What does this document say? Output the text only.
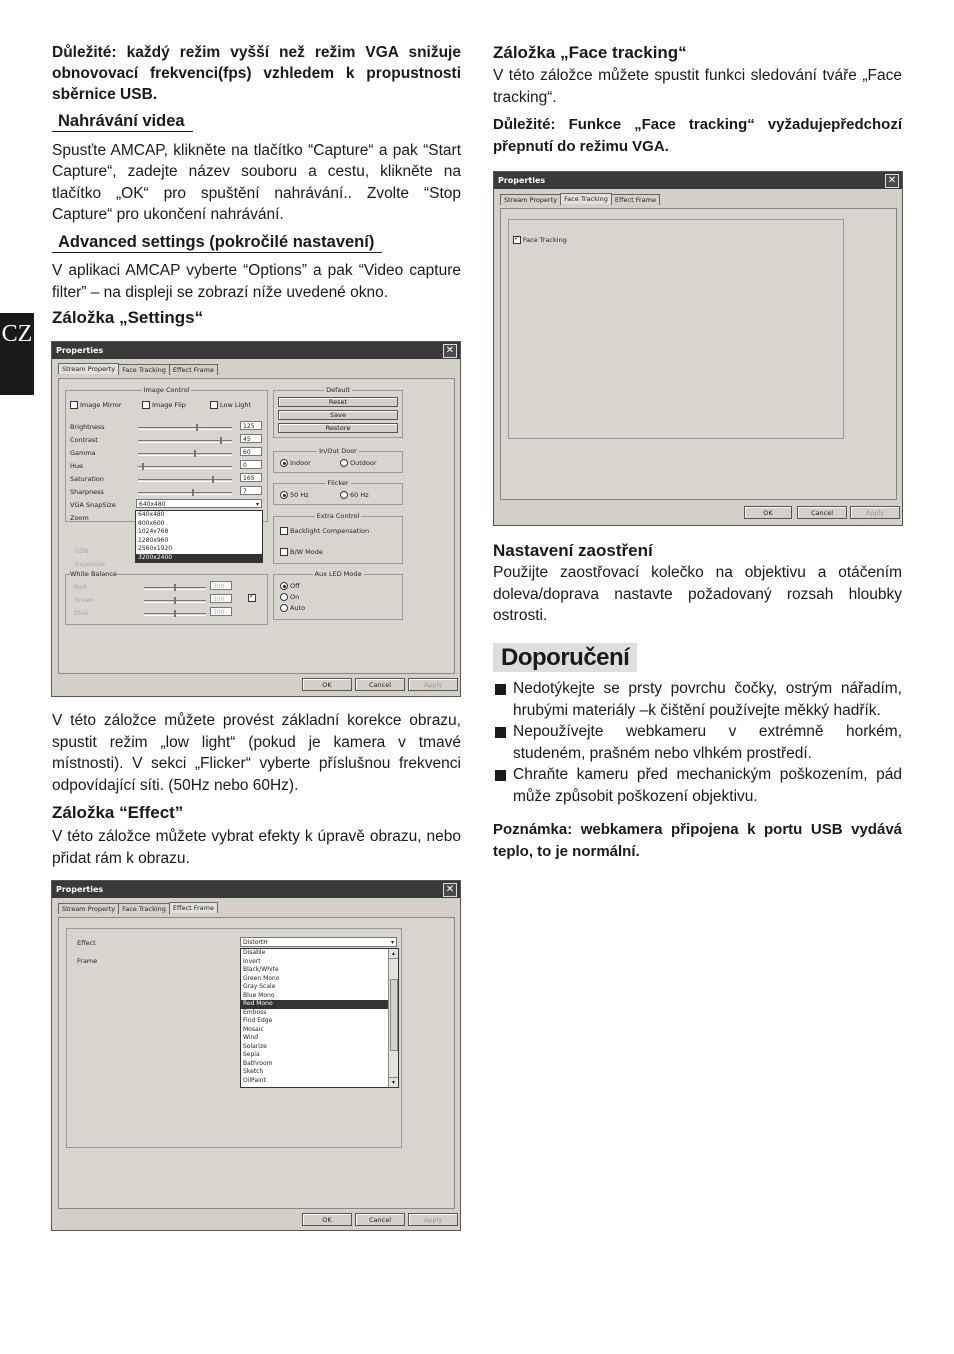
CZ

Důležité: každý režim vyšší než režim VGA snižuje obnovovací frekvenci(fps) vzhledem k propustnosti sběrnice USB.

Nahrávání videa

Spusťte AMCAP, klikněte na tlačítko “Capture“ a pak “Start Capture“, zadejte název souboru a cestu, klikněte na tlačítko „OK“ pro spuštění nahrávání.. Zvolte “Stop Capture“ pro ukončení nahrávání.

Advanced settings (pokročilé nastavení)

V aplikaci AMCAP vyberte “Options” a pak “Video capture filter” – na displeji se zobrazí níže uvedené okno.

Záložka „Settings“
Properties	✕
Stream Property Face Tracking Effect Frame
Image Control
Image Mirror	Image Flip	Low Light
Brightness	125
Contrast	45
Gamma	60
Hue	0
Saturation	165
Sharpness	7
VGA SnapSize	640x480	▾
Zoom	640x480
800x600
1024x768
1280x960
2560x1920
3200x2400
USB
Exposure
White Balance
Red	300
Green	300
Blue	300
✓
Default
Reset
Save
Restore
In/Out Door
Indoor	Outdoor
Flicker
50 Hz	60 Hz
Extra Control
Backlight Compensation
B/W Mode
Aux LED Mode
Off
On
Auto
OK	Cancel	Apply

V této záložce můžete provést základní korekce obrazu, spustit režim „low light“ (pokud je kamera v tmavé místnosti). V sekci „Flicker“ vyberte příslušnou frekvenci odpovídající síti. (50Hz nebo 60Hz).

Záložka “Effect”

V této záložce můžete vybrat efekty k úpravě obrazu, nebo přidat rám k obrazu.

Properties	✕
Stream Property Face Tracking Effect Frame
Effect
Frame
DistortH	▾
Disable
Invert
Black/White
Green Mono
Gray Scale
Blue Mono
Red Mono
Emboss
Find Edge
Mosaic
Wind
Solarize
Sepia
Bathroom
Sketch
OilPaint
▴
▾
OK	Cancel	Apply
Záložka „Face tracking“

V této záložce můžete spustit funkci sledování tváře „Face tracking“.

Důležité: Funkce „Face tracking“ vyžadujepředchozí přepnutí do režimu VGA.

Properties	✕
Stream Property Face Tracking Effect Frame
✓Face Tracking
OK	Cancel	Apply
Nastavení zaostření

Použijte zaostřovací kolečko na objektivu a otáčením doleva/doprava nastavte požadovaný rozsah hloubky ostrosti.

Doporučení
Nedotýkejte se prsty povrchu čočky, ostrým nářadím, hrubými materiály –k čištění používejte měkký hadřík.
Nepoužívejte webkameru v extrémně horkém, studeném, prašném nebo vlhkém prostředí.
Chraňte kameru před mechanickým poškozením, pád může způsobit poškození objektivu.

Poznámka: webkamera připojena k portu USB vydává teplo, to je normální.
